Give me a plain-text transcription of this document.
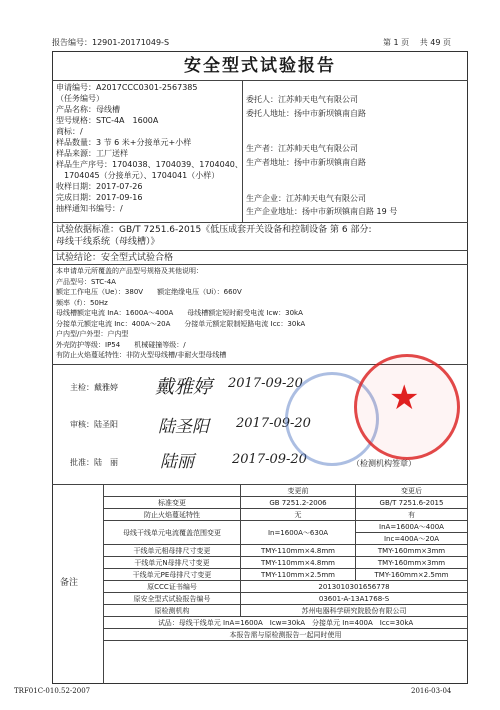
报告编号：12901-20171049-S	第 1 页　 共 49 页
安全型式试验报告
申请编号：A2017CCC0301-2567385
（任务编号）
产品名称：母线槽
型号规格：STC-4A　1600A
商标：/
样品数量：3 节 6 米+分接单元+小样
样品来源：工厂送样
样品生产序号：1704038、1704039、1704040、
　1704045（分接单元）、1704041（小样）
收样日期：2017-07-26
完成日期：2017-09-16
抽样通知书编号：/
委托人：江苏帅天电气有限公司
委托人地址：扬中市新坝镇南自路
生产者：江苏帅天电气有限公司
生产者地址：扬中市新坝镇南自路
生产企业：江苏帅天电气有限公司
生产企业地址：扬中市新坝镇南自路 19 号
试验依据标准：GB/T 7251.6-2015《低压成套开关设备和控制设备 第 6 部分:
母线干线系统（母线槽）》
试验结论：安全型式试验合格
本申请单元所覆盖的产品型号规格及其他说明：
产品型号：STC-4A
额定工作电压（Ue）：380V　　额定绝缘电压（Ui）：660V
频率（f）：50Hz
母线槽额定电流 InA：1600A～400A　　母线槽额定短时耐受电流 Icw：30kA
分接单元额定电流 Inc：400A～20A　　分接单元额定限制短路电流 Icc：30kA
户内型/户外型：户内型
外壳防护等级：IP54　　机械碰撞等级：/
有防止火焰蔓延特性：非防火型母线槽/非耐火型母线槽
主检：戴雅婷 戴雅婷 2017-09-20
审核：陆圣阳 陆圣阳 2017-09-20
批准：陆　丽 陆丽	2017-09-20
★
（检测机构签章）
备注
	变更前	变更后
标准变更	GB 7251.2-2006	GB/T 7251.6-2015
防止火焰蔓延特性	无	有
母线干线单元电流覆盖范围变更	In=1600A～630A	InA=1600A～400A
		Inc=400A～20A
干线单元相母排尺寸变更	TMY-110mm×4.8mm	TMY-160mm×3mm
干线单元N母排尺寸变更	TMY-110mm×4.8mm	TMY-160mm×3mm
干线单元PE母排尺寸变更	TMY-110mm×2.5mm	TMY-160mm×2.5mm
原CCC证书编号	2013010301656778	
原安全型式试验报告编号	03601-A-13A1768-S	
原检测机构	苏州电器科学研究院股份有限公司	
试品：母线干线单元 InA=1600A　Icw=30kA　分接单元 In=400A　Icc=30kA		
本报告需与原检测报告一起同时使用		
TRF01C-010.52-2007	2016-03-04
